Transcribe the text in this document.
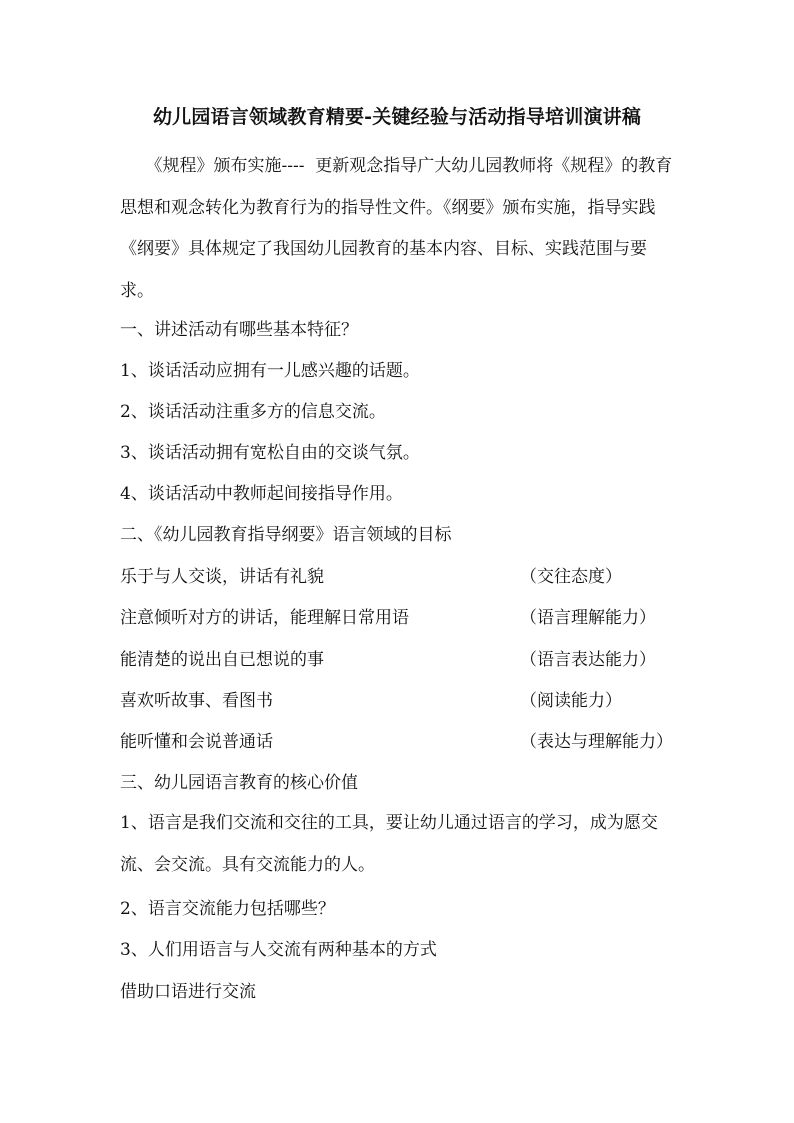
幼儿园语言领域教育精要-关键经验与活动指导培训演讲稿
　　《规程》颁布实施----  更新观念指导广大幼儿园教师将《规程》的教育思想和观念转化为教育行为的指导性文件。《纲要》颁布实施，指导实践《纲要》具体规定了我国幼儿园教育的基本内容、目标、实践范围与要求。
一、讲述活动有哪些基本特征？
1、谈话活动应拥有一儿感兴趣的话题。
2、谈话活动注重多方的信息交流。
3、谈话活动拥有宽松自由的交谈气氛。
4、谈话活动中教师起间接指导作用。
二、《幼儿园教育指导纲要》语言领域的目标
乐于与人交谈，讲话有礼貌	（交往态度）
注意倾听对方的讲话，能理解日常用语	（语言理解能力）
能清楚的说出自已想说的事	（语言表达能力）
喜欢听故事、看图书	（阅读能力）
能听懂和会说普通话	（表达与理解能力）
三、幼儿园语言教育的核心价值
1、语言是我们交流和交往的工具，要让幼儿通过语言的学习，成为愿交流、会交流。具有交流能力的人。
2、语言交流能力包括哪些？
3、人们用语言与人交流有两种基本的方式
借助口语进行交流
